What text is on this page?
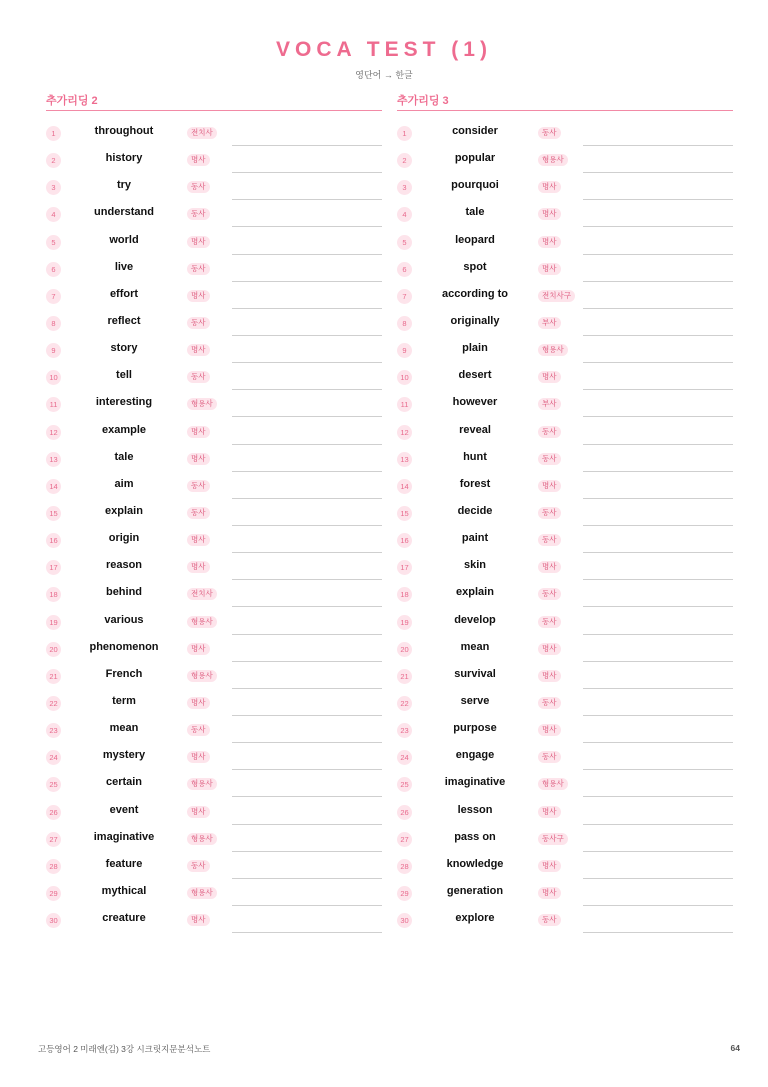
VOCA TEST (1)
영단어 → 한글
추가리딩 2
1	throughout	전치사
2	history	명사
3	try	동사
4	understand	동사
5	world	명사
6	live	동사
7	effort	명사
8	reflect	동사
9	story	명사
10	tell	동사
11	interesting	형용사
12	example	명사
13	tale	명사
14	aim	동사
15	explain	동사
16	origin	명사
17	reason	명사
18	behind	전치사
19	various	형용사
20	phenomenon	명사
21	French	형용사
22	term	명사
23	mean	동사
24	mystery	명사
25	certain	형용사
26	event	명사
27	imaginative	형용사
28	feature	동사
29	mythical	형용사
30	creature	명사
추가리딩 3
1	consider	동사
2	popular	형용사
3	pourquoi	명사
4	tale	명사
5	leopard	명사
6	spot	명사
7	according to	전치사구
8	originally	부사
9	plain	형용사
10	desert	명사
11	however	부사
12	reveal	동사
13	hunt	동사
14	forest	명사
15	decide	동사
16	paint	동사
17	skin	명사
18	explain	동사
19	develop	동사
20	mean	명사
21	survival	명사
22	serve	동사
23	purpose	명사
24	engage	동사
25	imaginative	형용사
26	lesson	명사
27	pass on	동사구
28	knowledge	명사
29	generation	명사
30	explore	동사
고등영어 2 미래엔(김) 3강 시크릿지문분석노트	64
